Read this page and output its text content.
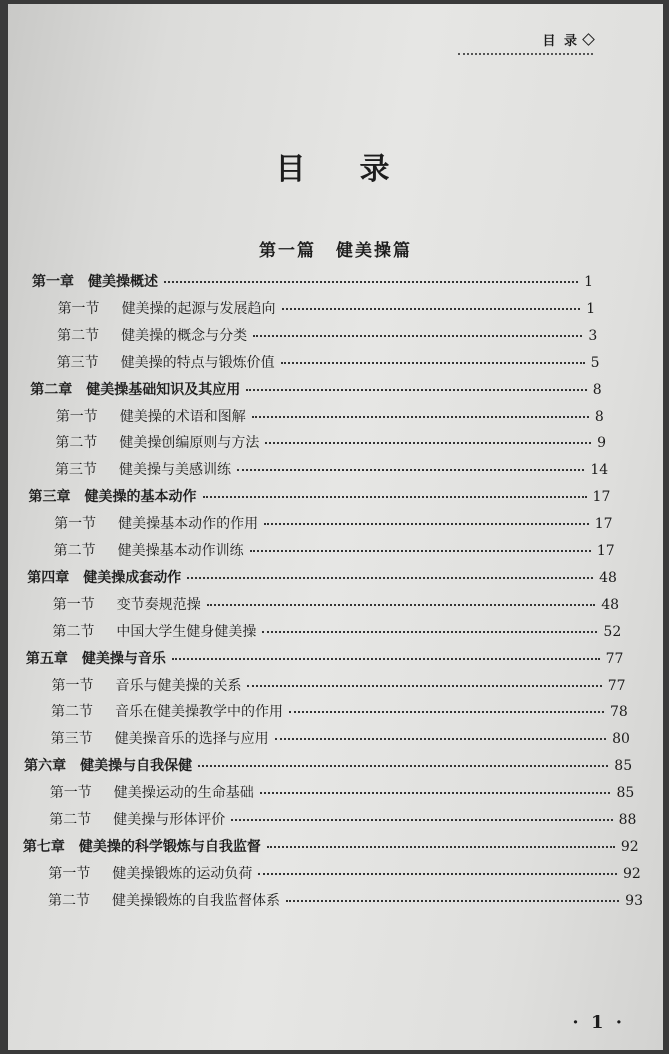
目 录
目 录
第一篇 健美操篇
第一章 健美操概述	1
第一节 健美操的起源与发展趋向	1
第二节 健美操的概念与分类	3
第三节 健美操的特点与锻炼价值	5
第二章 健美操基础知识及其应用	8
第一节 健美操的术语和图解	8
第二节 健美操创编原则与方法	9
第三节 健美操与美感训练	14
第三章 健美操的基本动作	17
第一节 健美操基本动作的作用	17
第二节 健美操基本动作训练	17
第四章 健美操成套动作	48
第一节 变节奏规范操	48
第二节 中国大学生健身健美操	52
第五章 健美操与音乐	77
第一节 音乐与健美操的关系	77
第二节 音乐在健美操教学中的作用	78
第三节 健美操音乐的选择与应用	80
第六章 健美操与自我保健	85
第一节 健美操运动的生命基础	85
第二节 健美操与形体评价	88
第七章 健美操的科学锻炼与自我监督	92
第一节 健美操锻炼的运动负荷	92
第二节 健美操锻炼的自我监督体系	93
· 1 ·
